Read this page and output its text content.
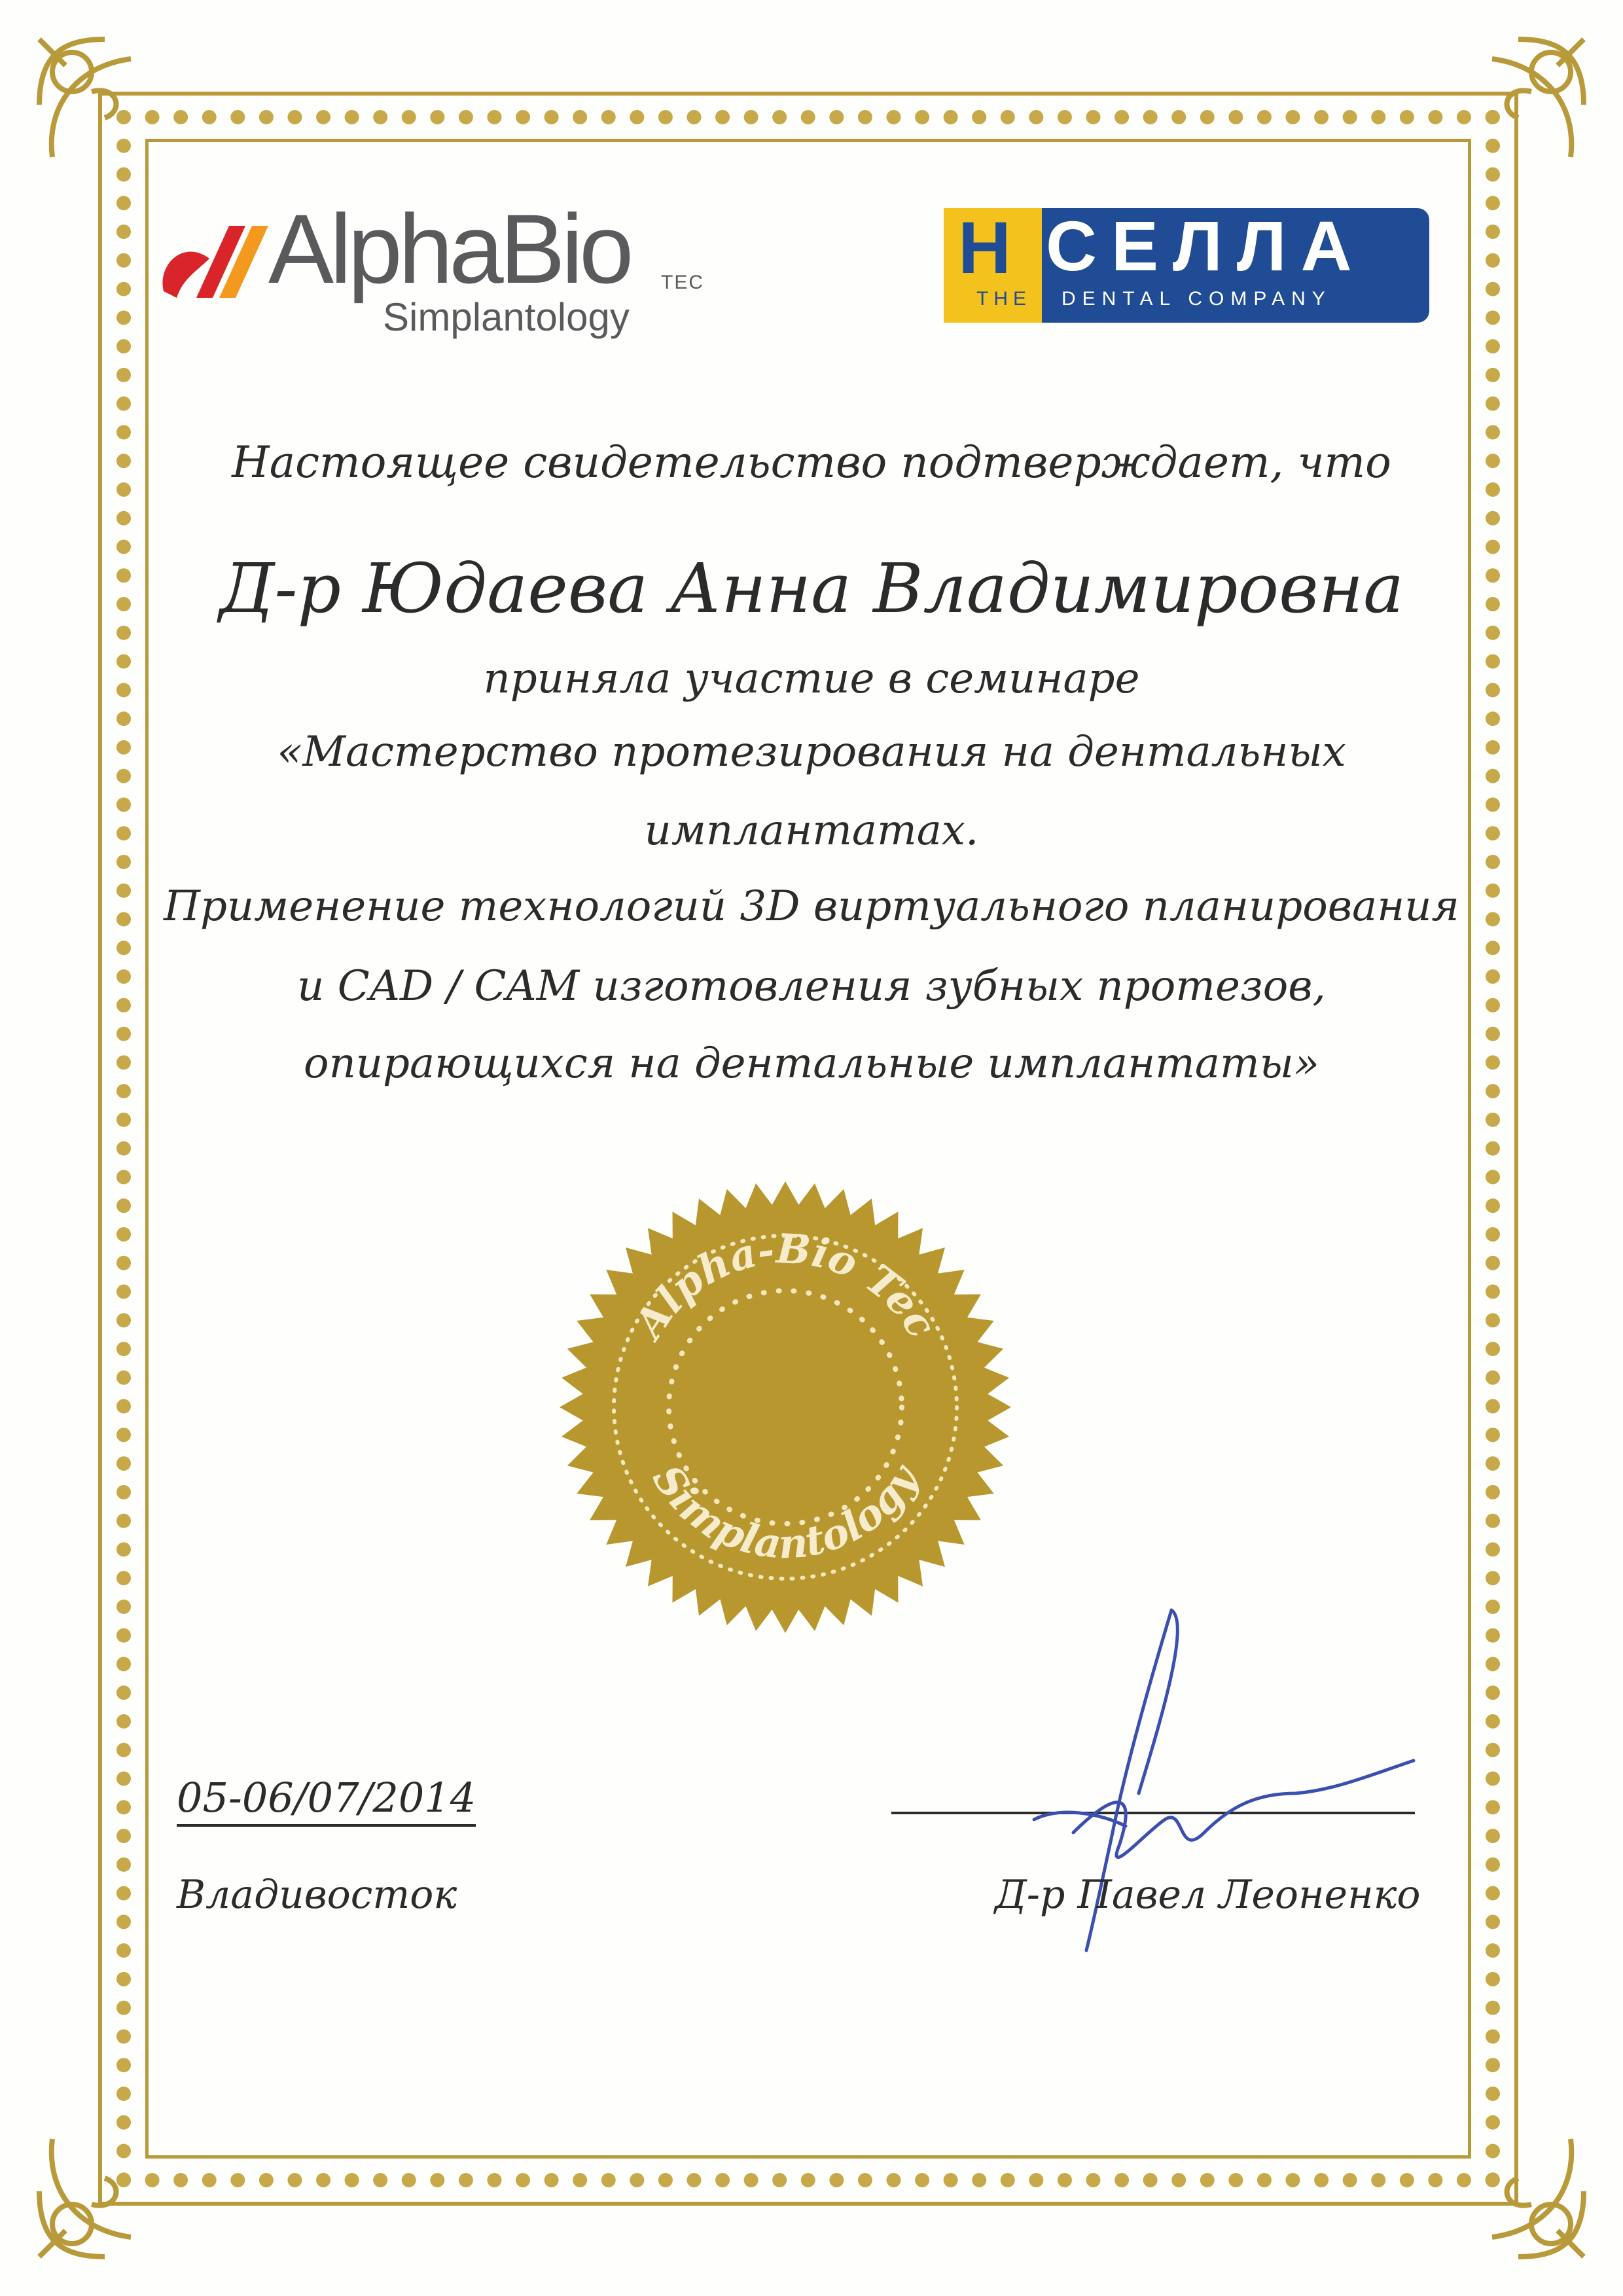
AlphaBio TEC
Simplantology
H
THE
СЕЛЛА
DENTAL COMPANY
Настоящее свидетельство подтверждает, что
Д-р Юдаева Анна Владимировна
приняла участие в семинаре
«Мастерство протезирования на дентальных
имплантатах.
Применение технологий 3D виртуального планирования
и CAD / CAM изготовления зубных протезов,
опирающихся на дентальные имплантаты»
Alpha-Bio Tec
Simplantology
05-06/07/2014
Владивосток	Д-р Павел Леоненко
